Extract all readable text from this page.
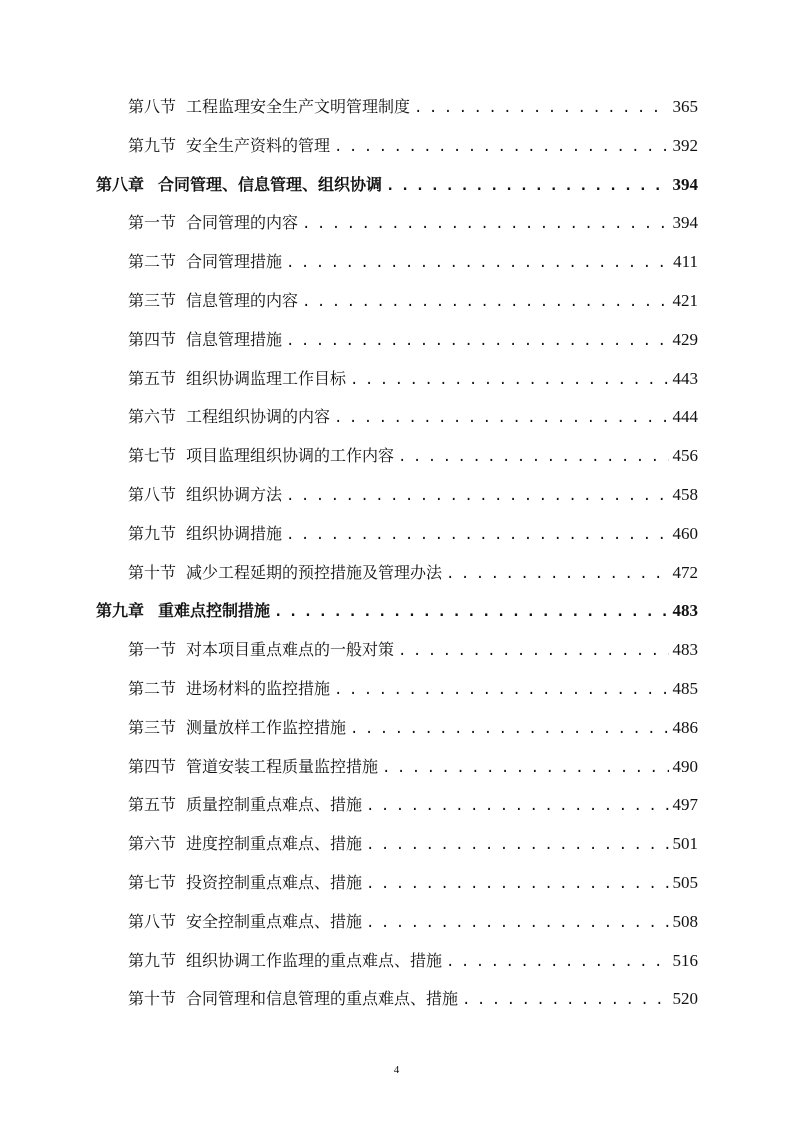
第八节 工程监理安全生产文明管理制度 . . .	365
第九节 安全生产资料的管理 . . .	392
第八章 合同管理、信息管理、组织协调 . . .	394
第一节 合同管理的内容 . . .	394
第二节 合同管理措施 . . .	411
第三节 信息管理的内容 . . .	421
第四节 信息管理措施 . . .	429
第五节 组织协调监理工作目标 . . .	443
第六节 工程组织协调的内容 . . .	444
第七节 项目监理组织协调的工作内容 . . .	456
第八节 组织协调方法 . . .	458
第九节 组织协调措施 . . .	460
第十节 减少工程延期的预控措施及管理办法 . . .	472
第九章 重难点控制措施 . . .	483
第一节 对本项目重点难点的一般对策 . . .	483
第二节 进场材料的监控措施 . . .	485
第三节 测量放样工作监控措施 . . .	486
第四节 管道安装工程质量监控措施 . . .	490
第五节 质量控制重点难点、措施 . . .	497
第六节 进度控制重点难点、措施 . . .	501
第七节 投资控制重点难点、措施 . . .	505
第八节 安全控制重点难点、措施 . . .	508
第九节 组织协调工作监理的重点难点、措施 . . .	516
第十节 合同管理和信息管理的重点难点、措施 . . .	520
4
